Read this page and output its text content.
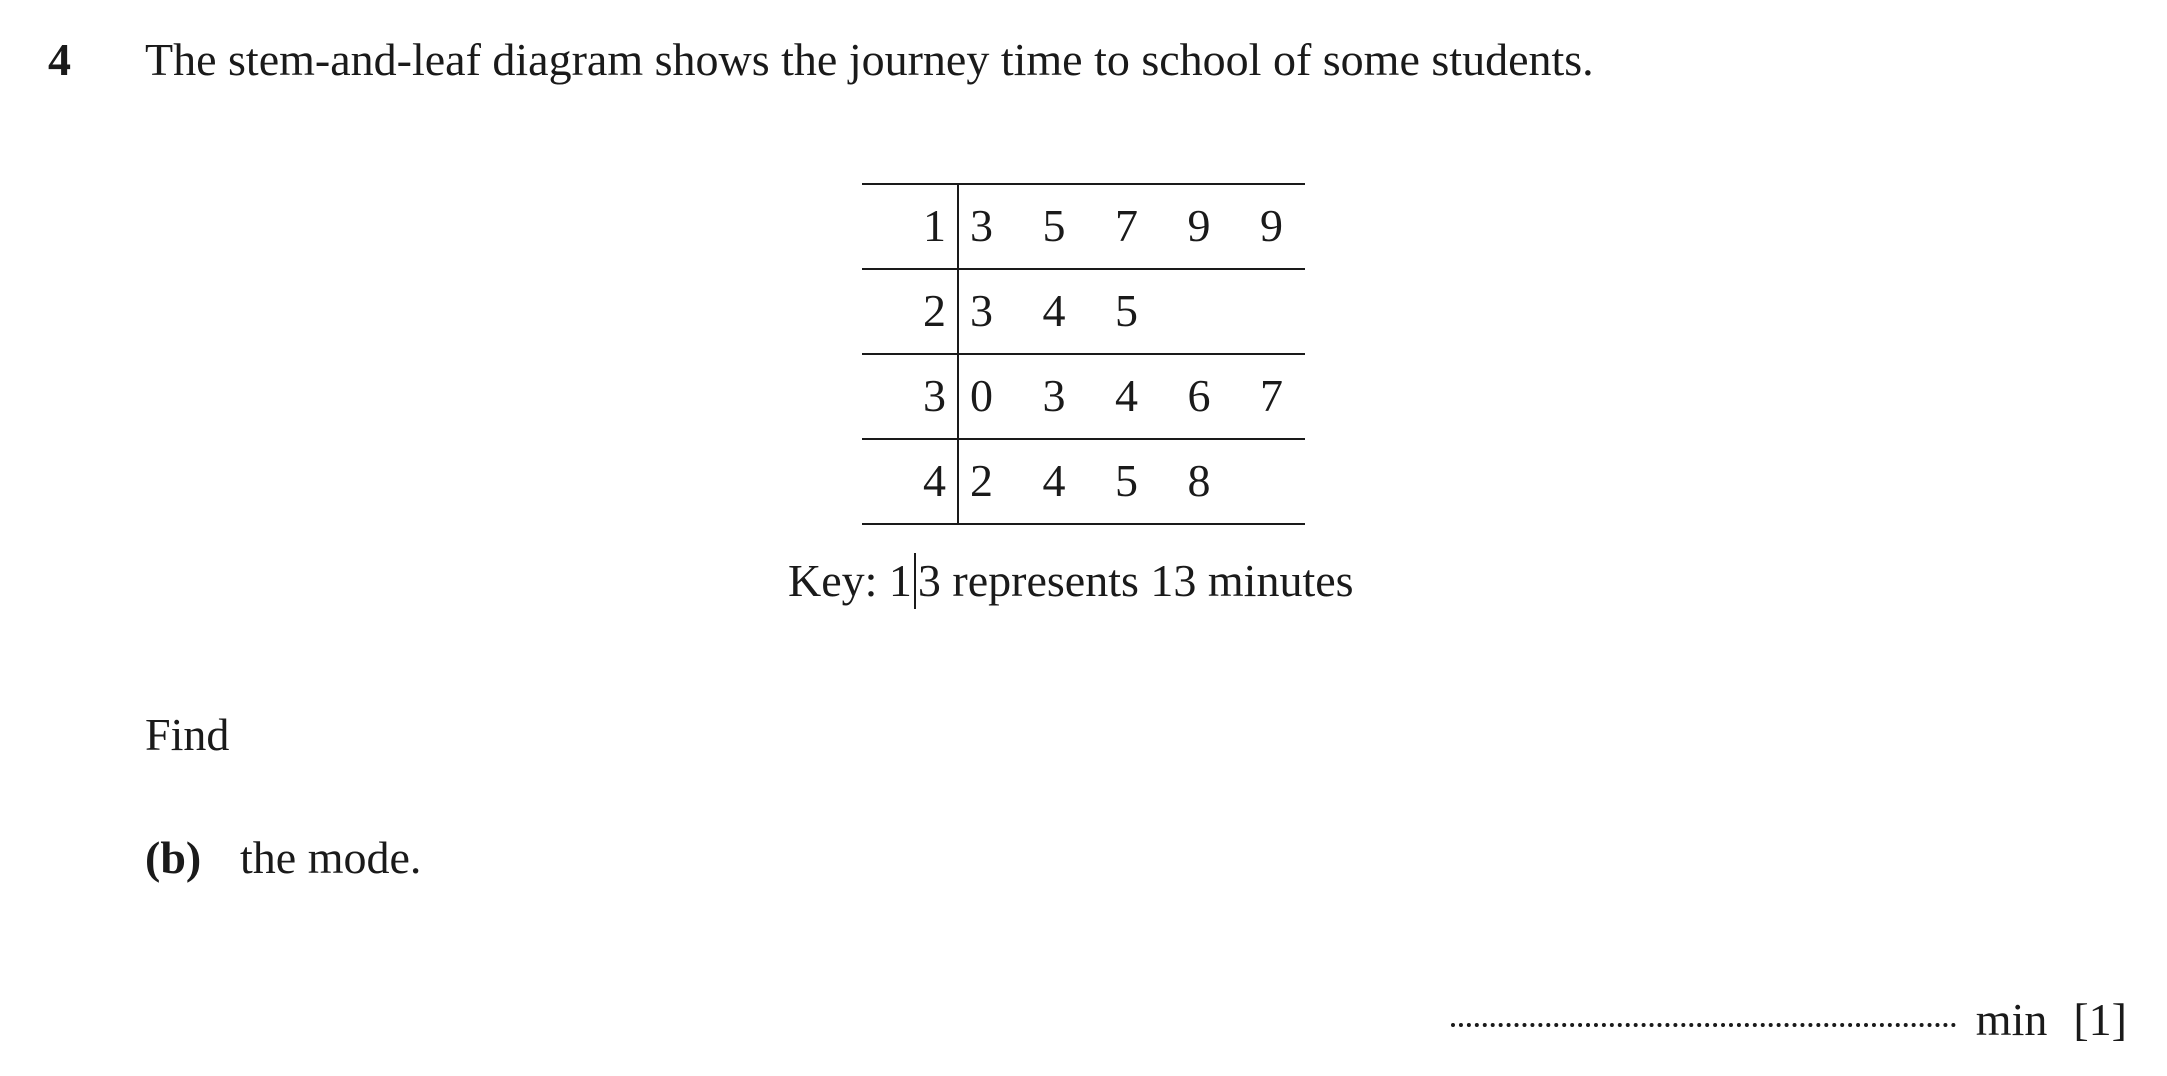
4 The stem-and-leaf diagram shows the journey time to school of some students.
1 3	5	7	9	9
2 3	4	5
3 0	3	4	6	7
4 2	4	5	8
Key: 1 3 represents 13 minutes
Find
(b) the mode.
min [1]
